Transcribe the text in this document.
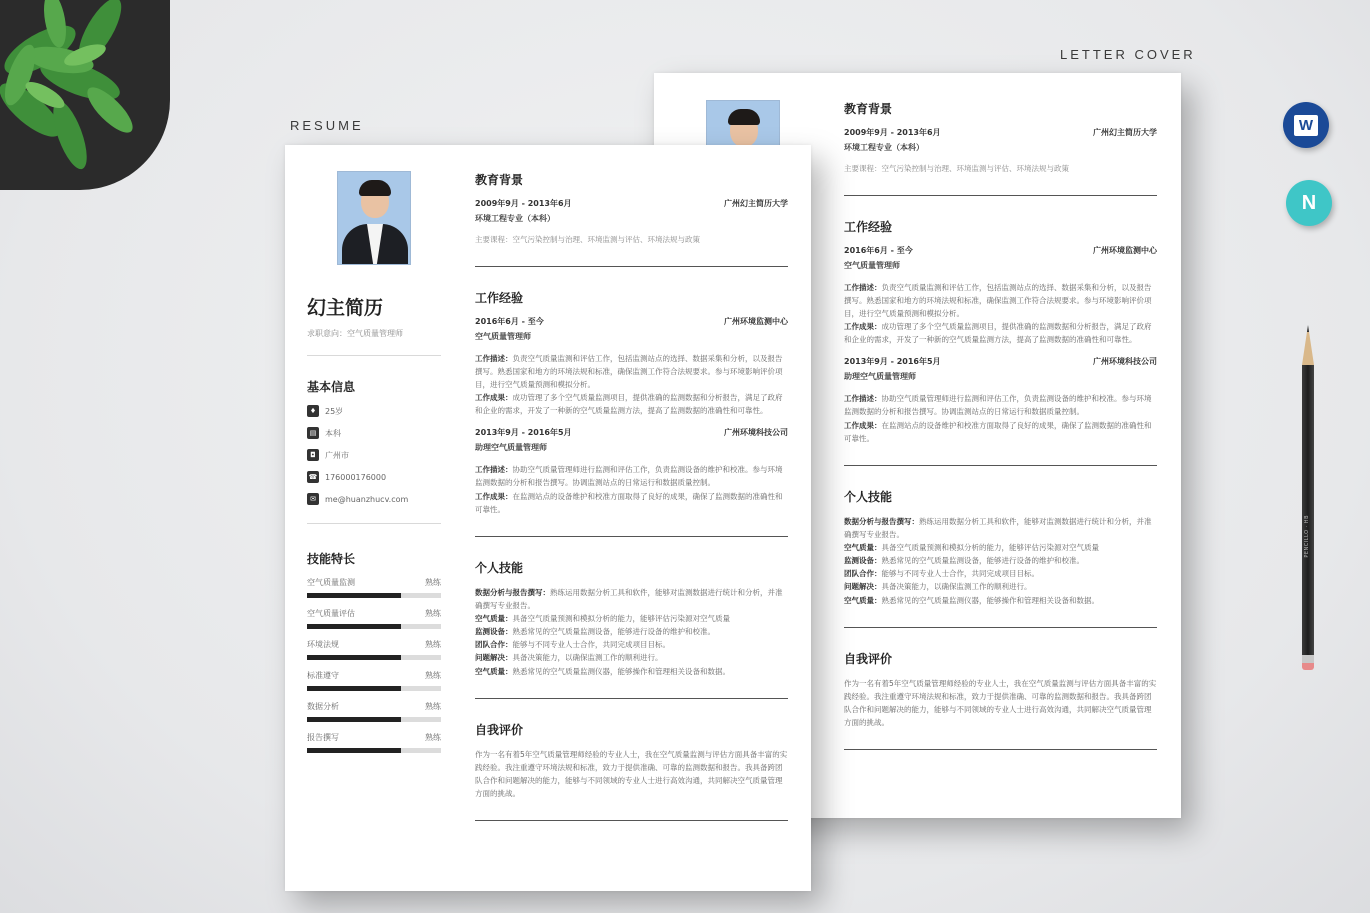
RESUME
LETTER COVER
W
N
PENCILLO · HB
教育背景
2009年9月 - 2013年6月	广州幻主简历大学
环境工程专业（本科）
主要课程：空气污染控制与治理、环境监测与评估、环境法规与政策
工作经验
2016年6月 - 至今	广州环境监测中心
空气质量管理师
工作描述：负责空气质量监测和评估工作，包括监测站点的选择、数据采集和分析，以及报告撰写。熟悉国家和地方的环境法规和标准，确保监测工作符合法规要求。参与环境影响评价项目，进行空气质量预测和模拟分析。
工作成果：成功管理了多个空气质量监测项目，提供准确的监测数据和分析报告，满足了政府和企业的需求，开发了一种新的空气质量监测方法，提高了监测数据的准确性和可靠性。
2013年9月 - 2016年5月	广州环境科技公司
助理空气质量管理师
工作描述：协助空气质量管理师进行监测和评估工作，负责监测设备的维护和校准。参与环境监测数据的分析和报告撰写。协调监测站点的日常运行和数据质量控制。
工作成果：在监测站点的设备维护和校准方面取得了良好的成果，确保了监测数据的准确性和可靠性。
个人技能
数据分析与报告撰写：熟练运用数据分析工具和软件，能够对监测数据进行统计和分析，并准确撰写专业报告。
空气质量：具备空气质量预测和模拟分析的能力，能够评估污染源对空气质量
监测设备：熟悉常见的空气质量监测设备，能够进行设备的维护和校准。
团队合作：能够与不同专业人士合作，共同完成项目目标。
问题解决：具备决策能力，以确保监测工作的顺利进行。
空气质量：熟悉常见的空气质量监测仪器，能够操作和管理相关设备和数据。
自我评价
作为一名有着5年空气质量管理师经验的专业人士，我在空气质量监测与评估方面具备丰富的实践经验。我注重遵守环境法规和标准，致力于提供准确、可靠的监测数据和报告。我具备跨团队合作和问题解决的能力，能够与不同领域的专业人士进行高效沟通，共同解决空气质量管理方面的挑战。
幻主简历
求职意向：空气质量管理师
基本信息
♦	25岁
▤	本科
◘	广州市
☎ 176000176000
✉	me@huanzhucv.com
技能特长
空气质量监测	熟练
空气质量评估	熟练
环境法规	熟练
标准遵守	熟练
数据分析	熟练
报告撰写	熟练
教育背景
2009年9月 - 2013年6月	广州幻主简历大学
环境工程专业（本科）
主要课程：空气污染控制与治理、环境监测与评估、环境法规与政策
工作经验
2016年6月 - 至今	广州环境监测中心
空气质量管理师
工作描述：负责空气质量监测和评估工作，包括监测站点的选择、数据采集和分析，以及报告撰写。熟悉国家和地方的环境法规和标准，确保监测工作符合法规要求。参与环境影响评价项目，进行空气质量预测和模拟分析。
工作成果：成功管理了多个空气质量监测项目，提供准确的监测数据和分析报告，满足了政府和企业的需求，开发了一种新的空气质量监测方法，提高了监测数据的准确性和可靠性。
2013年9月 - 2016年5月	广州环境科技公司
助理空气质量管理师
工作描述：协助空气质量管理师进行监测和评估工作，负责监测设备的维护和校准。参与环境监测数据的分析和报告撰写。协调监测站点的日常运行和数据质量控制。
工作成果：在监测站点的设备维护和校准方面取得了良好的成果，确保了监测数据的准确性和可靠性。
个人技能
数据分析与报告撰写：熟练运用数据分析工具和软件，能够对监测数据进行统计和分析，并准确撰写专业报告。
空气质量：具备空气质量预测和模拟分析的能力，能够评估污染源对空气质量
监测设备：熟悉常见的空气质量监测设备，能够进行设备的维护和校准。
团队合作：能够与不同专业人士合作，共同完成项目目标。
问题解决：具备决策能力，以确保监测工作的顺利进行。
空气质量：熟悉常见的空气质量监测仪器，能够操作和管理相关设备和数据。
自我评价
作为一名有着5年空气质量管理师经验的专业人士，我在空气质量监测与评估方面具备丰富的实践经验。我注重遵守环境法规和标准，致力于提供准确、可靠的监测数据和报告。我具备跨团队合作和问题解决的能力，能够与不同领域的专业人士进行高效沟通，共同解决空气质量管理方面的挑战。
